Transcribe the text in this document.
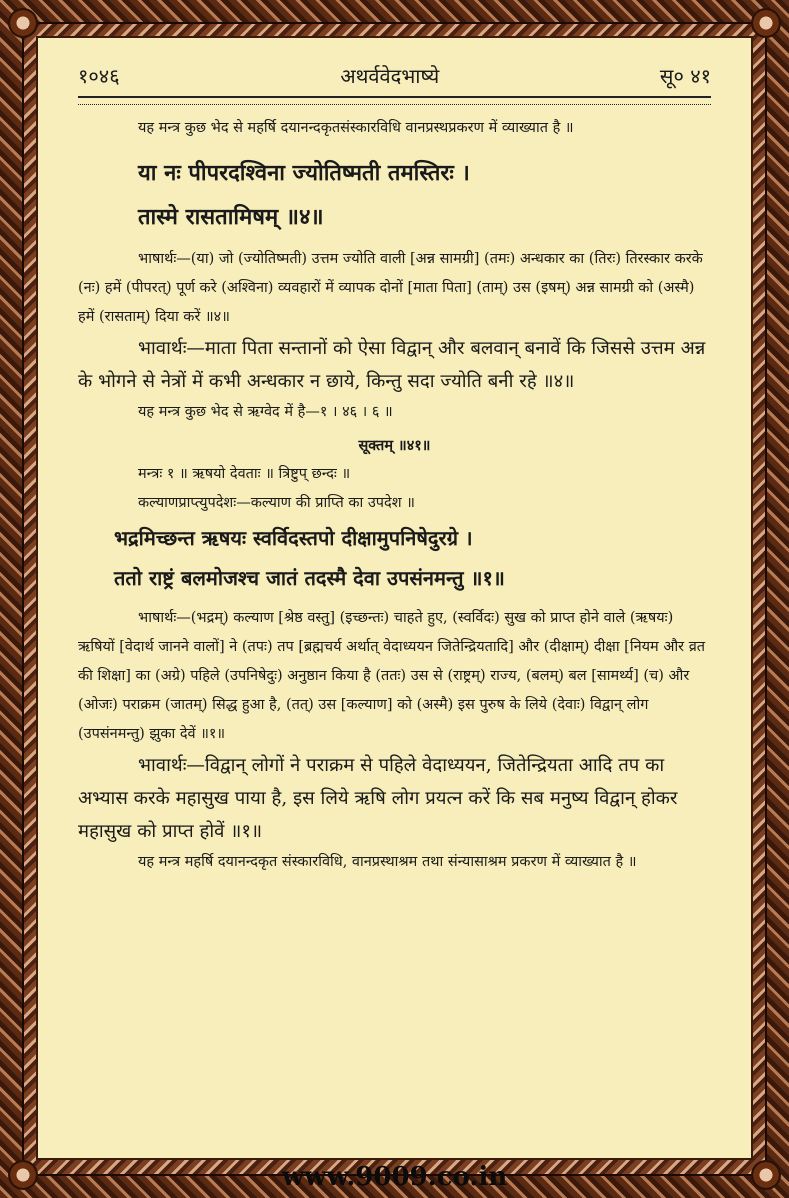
१०४६	अथर्ववेदभाष्ये	सू० ४१

यह मन्त्र कुछ भेद से महर्षि दयानन्दकृतसंस्कारविधि वानप्रस्थप्रकरण में व्याख्यात है ॥

या नः पीपरदश्विना ज्योतिष्मती तमस्तिरः ।

तास्मे रासतामिषम् ॥४॥

भाषार्थः—(या) जो (ज्योतिष्मती) उत्तम ज्योति वाली [अन्न सामग्री] (तमः) अन्धकार का (तिरः) तिरस्कार करके (नः) हमें (पीपरत्) पूर्ण करे (अश्विना) व्यवहारों में व्यापक दोनों [माता पिता] (ताम्) उस (इषम्) अन्न सामग्री को (अस्मै) हमें (रासताम्) दिया करें ॥४॥

भावार्थः—माता पिता सन्तानों को ऐसा विद्वान् और बलवान् बनावें कि जिससे उत्तम अन्न के भोगने से नेत्रों में कभी अन्धकार न छाये, किन्तु सदा ज्योति बनी रहे ॥४॥

यह मन्त्र कुछ भेद से ऋग्वेद में है—१ । ४६ । ६ ॥

सूक्तम् ॥४१॥

मन्त्रः १ ॥ ऋषयो देवताः ॥ त्रिष्टुप् छन्दः ॥

कल्याणप्राप्त्युपदेशः—कल्याण की प्राप्ति का उपदेश ॥

भद्रमिच्छन्त ऋषयः स्वर्विदस्तपो दीक्षामुपनिषेदुरग्रे ।

ततो राष्ट्रं बलमोजश्च जातं तदस्मै देवा उपसंनमन्तु ॥१॥

भाषार्थः—(भद्रम्) कल्याण [श्रेष्ठ वस्तु] (इच्छन्तः) चाहते हुए, (स्वर्विदः) सुख को प्राप्त होने वाले (ऋषयः) ऋषियों [वेदार्थ जानने वालों] ने (तपः) तप [ब्रह्मचर्य अर्थात् वेदाध्ययन जितेन्द्रियतादि] और (दीक्षाम्) दीक्षा [नियम और व्रत की शिक्षा] का (अग्रे) पहिले (उपनिषेदुः) अनुष्ठान किया है (ततः) उस से (राष्ट्रम्) राज्य, (बलम्) बल [सामर्थ्य] (च) और (ओजः) पराक्रम (जातम्) सिद्ध हुआ है, (तत्) उस [कल्याण] को (अस्मै) इस पुरुष के लिये (देवाः) विद्वान् लोग (उपसंनमन्तु) झुका देवें ॥१॥

भावार्थः—विद्वान् लोगों ने पराक्रम से पहिले वेदाध्ययन, जितेन्द्रियता आदि तप का अभ्यास करके महासुख पाया है, इस लिये ऋषि लोग प्रयत्न करें कि सब मनुष्य विद्वान् होकर महासुख को प्राप्त होवें ॥१॥

यह मन्त्र महर्षि दयानन्दकृत संस्कारविधि, वानप्रस्थाश्रम तथा संन्यासाश्रम प्रकरण में व्याख्यात है ॥

www.9009.co.in
